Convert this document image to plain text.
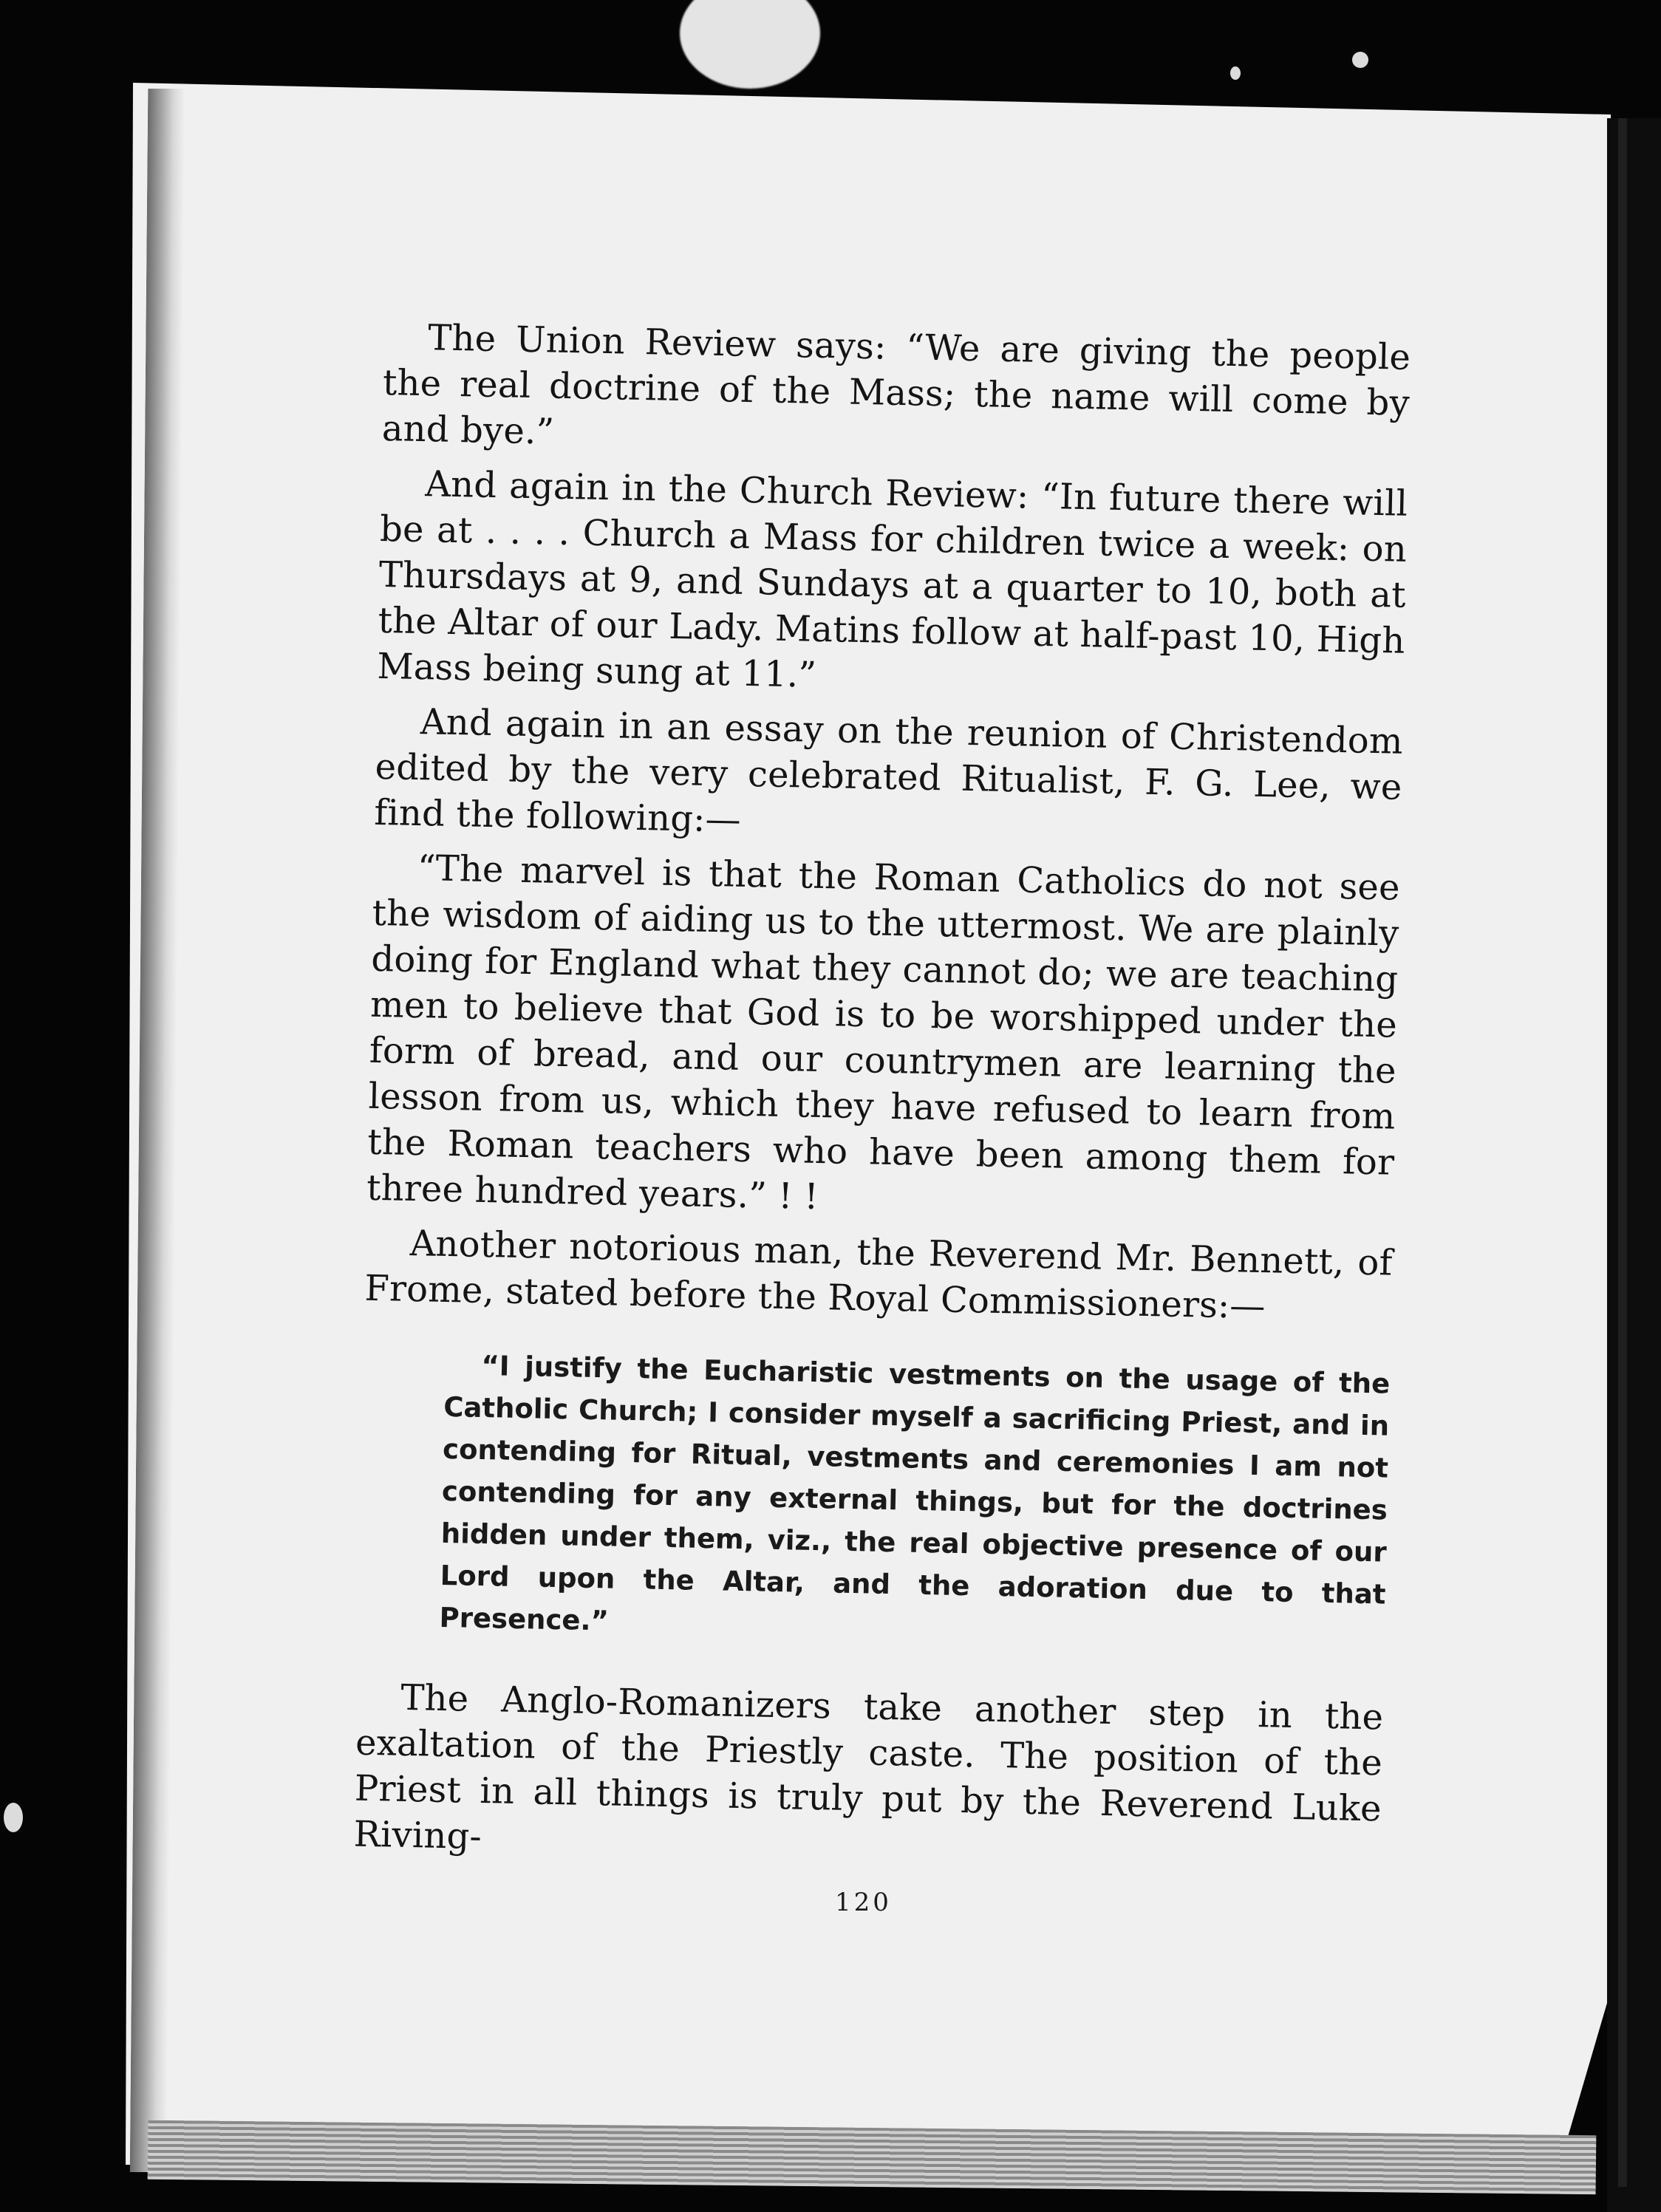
The Union Review says: “We are giving the people the real doctrine of the Mass; the name will come by and bye.”

And again in the Church Review: “In future there will be at . . . . Church a Mass for children twice a week: on Thursdays at 9, and Sundays at a quarter to 10, both at the Altar of our Lady. Matins follow at half-past 10, High Mass being sung at 11.”

And again in an essay on the reunion of Christendom edited by the very celebrated Ritualist, F. G. Lee, we find the following:—

“The marvel is that the Roman Catholics do not see the wisdom of aiding us to the uttermost. We are plainly doing for England what they cannot do; we are teaching men to believe that God is to be worshipped under the form of bread, and our countrymen are learning the lesson from us, which they have refused to learn from the Roman teachers who have been among them for three hundred years.” ! !

Another notorious man, the Reverend Mr. Bennett, of Frome, stated before the Royal Commissioners:—

“I justify the Eucharistic vestments on the usage of the Catholic Church; I consider myself a sacrificing Priest, and in contending for Ritual, vestments and ceremonies I am not contending for any external things, but for the doctrines hidden under them, viz., the real objective presence of our Lord upon the Altar, and the adoration due to that Presence.”

The Anglo-Romanizers take another step in the exaltation of the Priestly caste. The position of the Priest in all things is truly put by the Reverend Luke Riving-

120
